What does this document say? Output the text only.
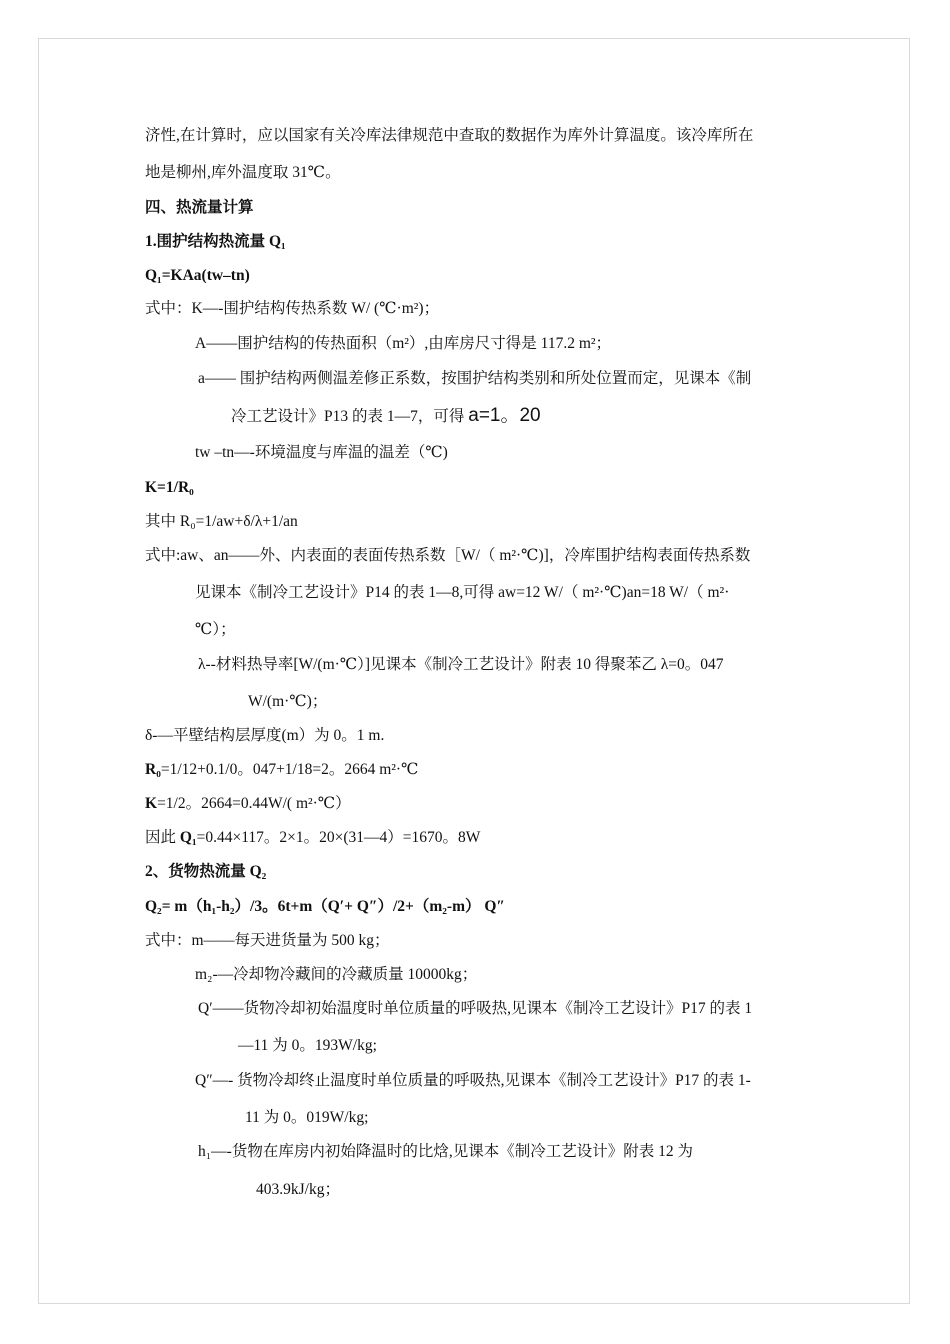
济性,在计算时，应以国家有关冷库法律规范中查取的数据作为库外计算温度。该冷库所在
地是柳州,库外温度取 31℃。
四、热流量计算
1.围护结构热流量 Q₁
Q₁=KAa(tw–tn)
式中：K—-围护结构传热系数 W/ (℃·m²)；
A——围护结构的传热面积（m²）,由库房尺寸得是 117.2 m²；
a—— 围护结构两侧温差修正系数，按围护结构类别和所处位置而定，见课本《制
冷工艺设计》P13 的表 1—7，可得 a=1。20
tw –tn—-环境温度与库温的温差（℃)
K=1/R₀
其中 R₀=1/aw+δ/λ+1/an
式中:aw、an——外、内表面的表面传热系数［W/（ m²·℃)]，冷库围护结构表面传热系数
见课本《制冷工艺设计》P14 的表 1—8,可得 aw=12 W/（ m²·℃)an=18 W/（ m²·
℃）；
λ--材料热导率[W/(m·℃）]见课本《制冷工艺设计》附表 10 得聚苯乙 λ=0。047
W/(m·℃)；
δ-—平壁结构层厚度(m）为 0。1 m.
R₀=1/12+0.1/0。047+1/18=2。2664 m²·℃
K=1/2。2664=0.44W/( m²·℃）
因此 Q₁=0.44×117。2×1。20×(31—4）=1670。8W
2、货物热流量 Q₂
Q₂= m（h₁-h₂）/3。6t+m（Q′+ Q″）/2+（m₂-m） Q″
式中：m——每天进货量为 500 kg；
m₂-—冷却物冷藏间的冷藏质量 10000kg；
Q′——货物冷却初始温度时单位质量的呼吸热,见课本《制冷工艺设计》P17 的表 1
—11 为 0。193W/kg;
Q″—- 货物冷却终止温度时单位质量的呼吸热,见课本《制冷工艺设计》P17 的表 1-
11 为 0。019W/kg;
h₁—-货物在库房内初始降温时的比焓,见课本《制冷工艺设计》附表 12 为
403.9kJ/kg；
